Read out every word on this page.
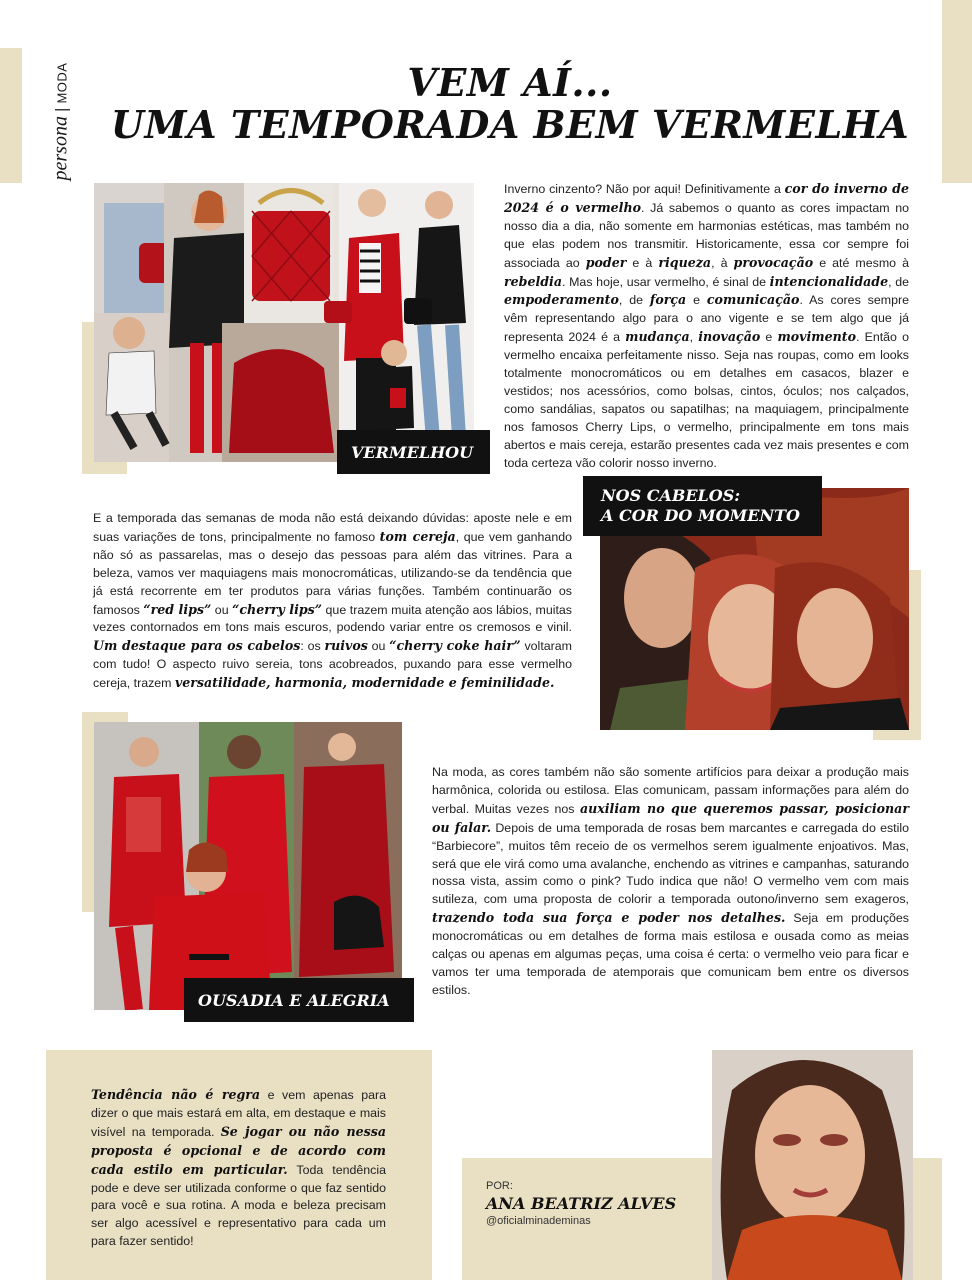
persona | MODA	VEM AÍ...
UMA TEMPORADA BEM VERMELHA
VERMELHOU
Inverno cinzento? Não por aqui! Definitivamente a cor do inverno de 2024 é o vermelho. Já sabemos o quanto as cores impactam no nosso dia a dia, não somente em harmonias estéticas, mas também no que elas podem nos transmitir. Historicamente, essa cor sempre foi associada ao poder e à riqueza, à provocação e até mesmo à rebeldia. Mas hoje, usar vermelho, é sinal de intencionalidade, de empoderamento, de força e comunicação. As cores sempre vêm representando algo para o ano vigente e se tem algo que já representa 2024 é a mudança, inovação e movimento. Então o vermelho encaixa perfeitamente nisso. Seja nas roupas, como em looks totalmente monocromáticos ou em detalhes em casacos, blazer e vestidos; nos acessórios, como bolsas, cintos, óculos; nos calçados, como sandálias, sapatos ou sapatilhas; na maquiagem, principalmente nos famosos Cherry Lips, o vermelho, principalmente em tons mais abertos e mais cereja, estarão presentes cada vez mais presentes e com toda certeza vão colorir nosso inverno.
NOS CABELOS:
A COR DO MOMENTO
E a temporada das semanas de moda não está deixando dúvidas: aposte nele e em suas variações de tons, principalmente no famoso tom cereja, que vem ganhando não só as passarelas, mas o desejo das pessoas para além das vitrines. Para a beleza, vamos ver maquiagens mais monocromáticas, utilizando-se da tendência que já está recorrente em ter produtos para várias funções. Também continuarão os famosos “red lips” ou “cherry lips” que trazem muita atenção aos lábios, muitas vezes contornados em tons mais escuros, podendo variar entre os cremosos e vinil. Um destaque para os cabelos: os ruivos ou “cherry coke hair” voltaram com tudo! O aspecto ruivo sereia, tons acobreados, puxando para esse vermelho cereja, trazem versatilidade, harmonia, modernidade e feminilidade.
OUSADIA E ALEGRIA
Na moda, as cores também não são somente artifícios para deixar a produção mais harmônica, colorida ou estilosa. Elas comunicam, passam informações para além do verbal. Muitas vezes nos auxiliam no que queremos passar, posicionar ou falar. Depois de uma temporada de rosas bem marcantes e carregada do estilo “Barbiecore”, muitos têm receio de os vermelhos serem igualmente enjoativos. Mas, será que ele virá como uma avalanche, enchendo as vitrines e campanhas, saturando nossa vista, assim como o pink? Tudo indica que não! O vermelho vem com mais sutileza, com uma proposta de colorir a temporada outono/inverno sem exageros, trazendo toda sua força e poder nos detalhes. Seja em produções monocromáticas ou em detalhes de forma mais estilosa e ousada como as meias calças ou apenas em algumas peças, uma coisa é certa: o vermelho veio para ficar e vamos ter uma temporada de atemporais que comunicam bem entre os diversos estilos.
Tendência não é regra e vem apenas para dizer o que mais estará em alta, em destaque e mais visível na temporada. Se jogar ou não nessa proposta é opcional e de acordo com cada estilo em particular. Toda tendência pode e deve ser utilizada conforme o que faz sentido para você e sua rotina. A moda e beleza precisam ser algo acessível e representativo para cada um para fazer sentido!
POR:
ANA BEATRIZ ALVES
@oficialminademinas
